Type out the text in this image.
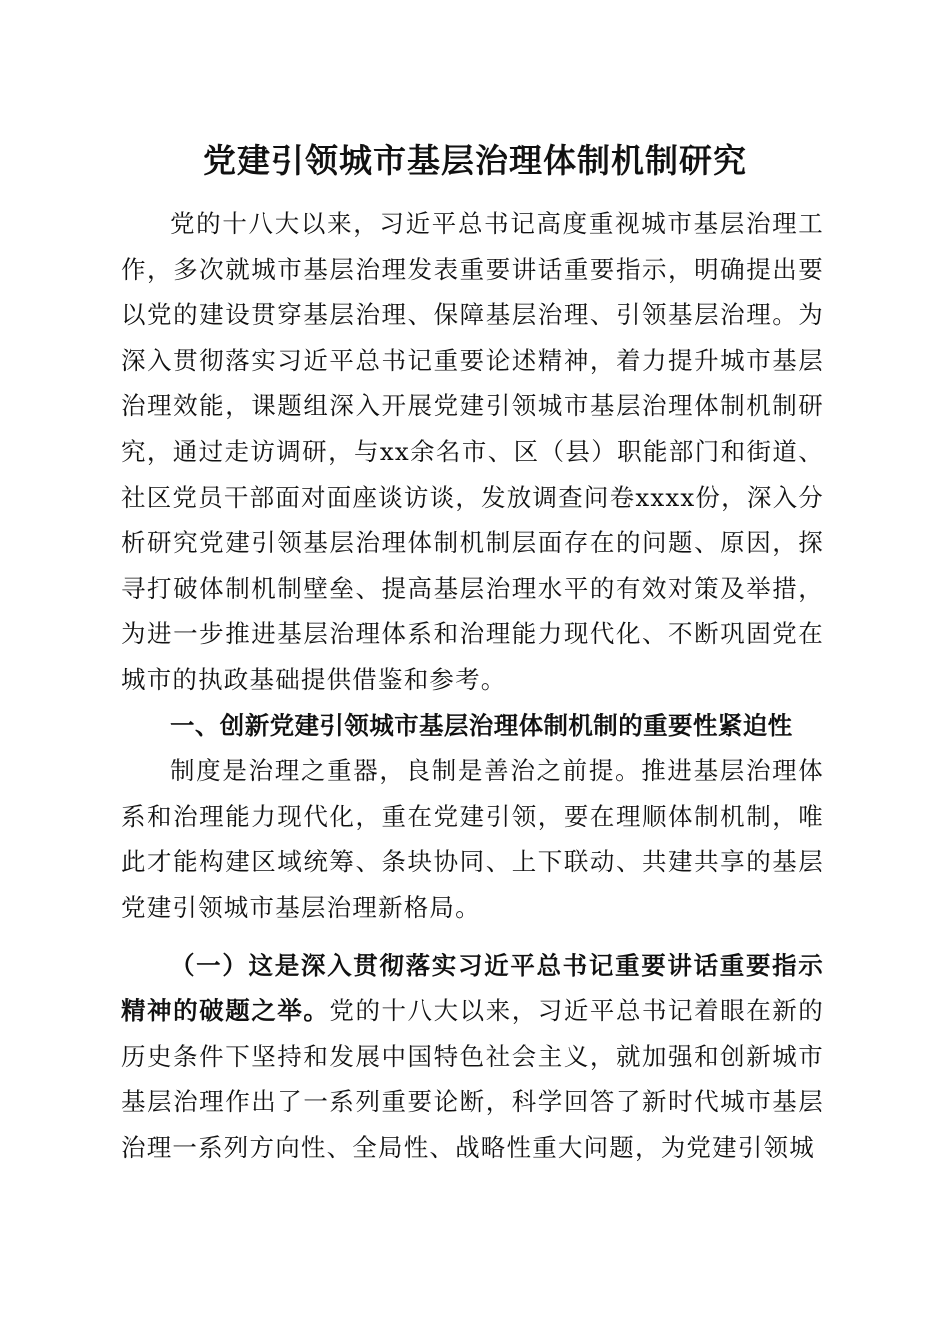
党建引领城市基层治理体制机制研究

党的十八大以来，习近平总书记高度重视城市基层治理工作，多次就城市基层治理发表重要讲话重要指示，明确提出要以党的建设贯穿基层治理、保障基层治理、引领基层治理。为深入贯彻落实习近平总书记重要论述精神，着力提升城市基层治理效能，课题组深入开展党建引领城市基层治理体制机制研究，通过走访调研，与xx余名市、区（县）职能部门和街道、社区党员干部面对面座谈访谈，发放调查问卷xxxx份，深入分析研究党建引领基层治理体制机制层面存在的问题、原因，探寻打破体制机制壁垒、提高基层治理水平的有效对策及举措，为进一步推进基层治理体系和治理能力现代化、不断巩固党在城市的执政基础提供借鉴和参考。

一、创新党建引领城市基层治理体制机制的重要性紧迫性

制度是治理之重器，良制是善治之前提。推进基层治理体系和治理能力现代化，重在党建引领，要在理顺体制机制，唯此才能构建区域统筹、条块协同、上下联动、共建共享的基层党建引领城市基层治理新格局。

（一）这是深入贯彻落实习近平总书记重要讲话重要指示精神的破题之举。党的十八大以来，习近平总书记着眼在新的历史条件下坚持和发展中国特色社会主义，就加强和创新城市基层治理作出了一系列重要论断，科学回答了新时代城市基层治理一系列方向性、全局性、战略性重大问题，为党建引领城
